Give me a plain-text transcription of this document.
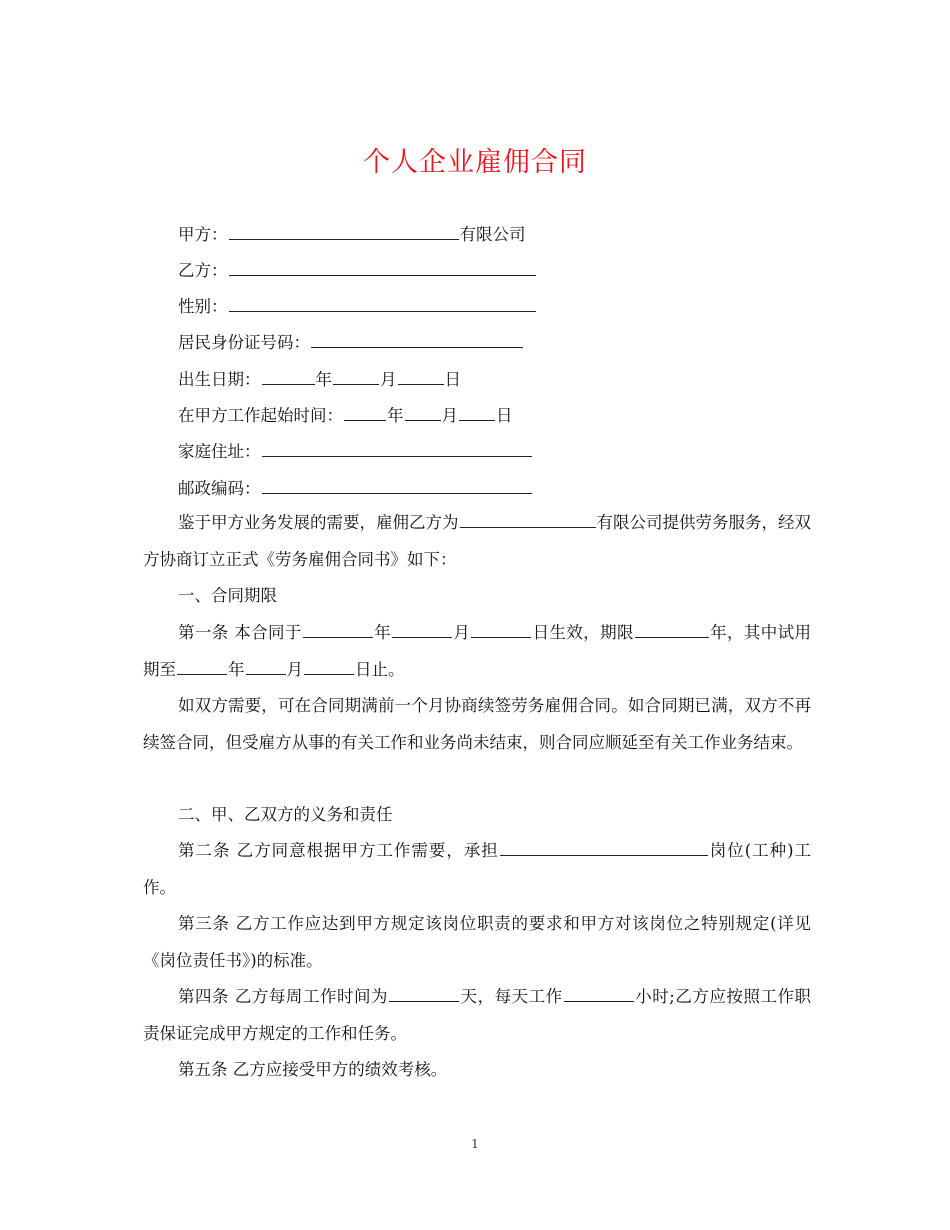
个人企业雇佣合同
甲方：	有限公司
乙方：
性别：
居民身份证号码：
出生日期：	年	月	日
在甲方工作起始时间：	年 月 日
家庭住址：
邮政编码：

鉴于甲方业务发展的需要，雇佣乙方为	有限公司提供劳务服务，经双方协商订立正式《劳务雇佣合同书》如下：

一、合同期限

第一条 本合同于	年	月	日生效，期限	年，其中试用期至	年	月	日止。

如双方需要，可在合同期满前一个月协商续签劳务雇佣合同。如合同期已满，双方不再续签合同，但受雇方从事的有关工作和业务尚未结束，则合同应顺延至有关工作业务结束。

二、甲、乙双方的义务和责任

第二条 乙方同意根据甲方工作需要，承担	岗位(工种)工作。

第三条 乙方工作应达到甲方规定该岗位职责的要求和甲方对该岗位之特别规定(详见《岗位责任书》)的标准。

第四条 乙方每周工作时间为	天，每天工作	小时;乙方应按照工作职责保证完成甲方规定的工作和任务。

第五条 乙方应接受甲方的绩效考核。

1
